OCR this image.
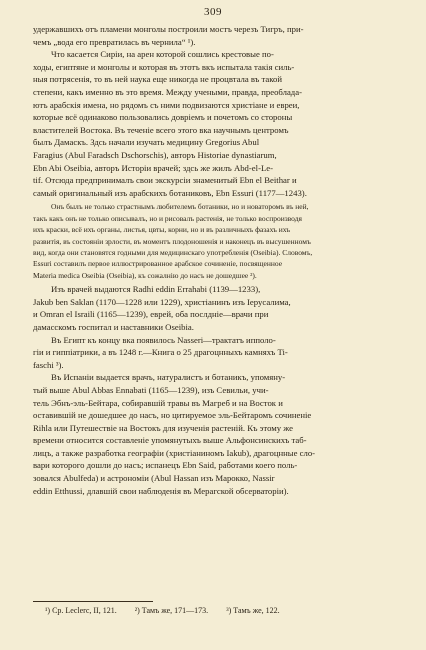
309

удержавшихъ отъ пламени монголы построили мостъ черезъ Тигръ, при-

чемъ „вода его превратилась въ чернила“ ¹).

Что касается Сиріи, на арен которой сошлись крестовые по-

ходы, египтяне и монголы и которая въ этотъ вкъ испытала такія силь-

ныя потрясенія, то въ ней наука еще никогда не процвтала въ такой

степени, какъ именно въ это время. Между учеными, правда, преоблада-

ютъ арабскія имена, но рядомъ съ ними подвизаются христіане и евреи,

которые всё одинаково пользовались довріемъ и почетомъ со стороны

властителей Востока. Въ теченіе всего этого вка научнымъ центромъ

былъ Дамаскъ. Здсь начали изучать медицину Gregorius Abul

Faragius (Abul Faradsch Dschorschis), авторъ Historiae dynastiarum,

Ebn Abi Oseibia, авторъ Исторіи врачей; здсь же жилъ Abd-el-Le-

tif. Отсюда предпринималъ свои экскурсіи знаменитый Ebn el Beithar и

самый оригинальный изъ арабскихъ ботаниковъ, Ebn Essuri (1177—1243).

Онъ былъ не только страстнымъ любителемъ ботаники, но и новаторомъ въ ней,

такъ какъ онъ не только описывалъ, но и рисовалъ растенія, не только воспроизводя

ихъ краски, всё ихъ органы, листья, цвты, корни, но и въ различныхъ фазахъ ихъ

развитія, въ состояніи зрлости, въ моментъ плодоношенія и наконецъ въ высушенномъ

вид, когда они становятся годными для медицинскаго употребленія (Oseibia). Словомъ,

Essuri составилъ первое иллюстрированное арабское сочиненіе, посвященное

Materia medica Oseibia (Oseibia), къ сожалнію до насъ не дошедшее ²).

Изъ врачей выдаются Radhi eddin Errahabi (1139—1233),

Jakub ben Saklan (1170—1228 или 1229), христіанинъ изъ Іерусалима,

и Omran el Israili (1165—1239), еврей, оба послдніе—врачи при

дамасскомъ госпитал и наставники Oseibia.

Въ Египт къ концу вка появилось Nasseri—трактатъ ипполо-

гіи и гиппіатрики, а въ 1248 г.—Книга о 25 драгоцнныхъ камняхъ Ti-

faschi ³).

Въ Испаніи выдается врачъ, натуралистъ и ботаникъ, упомяну-

тый выше Abul Abbas Ennabati (1165—1239), изъ Севильи, учи-

тель Эбнъ-эль-Бейтара, собиравшій травы въ Магреб и на Восток и

оставившій не дошедшее до насъ, но цитируемое эль-Бейтаромъ сочиненіе

Rihla или Путешествіе на Востокъ для изученія растеній. Къ этому же

времени относится составленіе упомянутыхъ выше Альфонсинскихъ таб-

лицъ, а также разработка географіи (христіаниномъ Iakub), драгоцнные сло-

вари которого дошли до насъ; испанецъ Ebn Said, работами коего поль-

зовался Abulfeda) и астрономіи (Abul Hassan изъ Марокко, Nassir

eddin Etthussi, длавшій свои наблюденія въ Мерагской обсерваторіи).

¹) Ср. Leclerc, II, 121. ²) Тамъ же, 171—173. ³) Тамъ же, 122.
